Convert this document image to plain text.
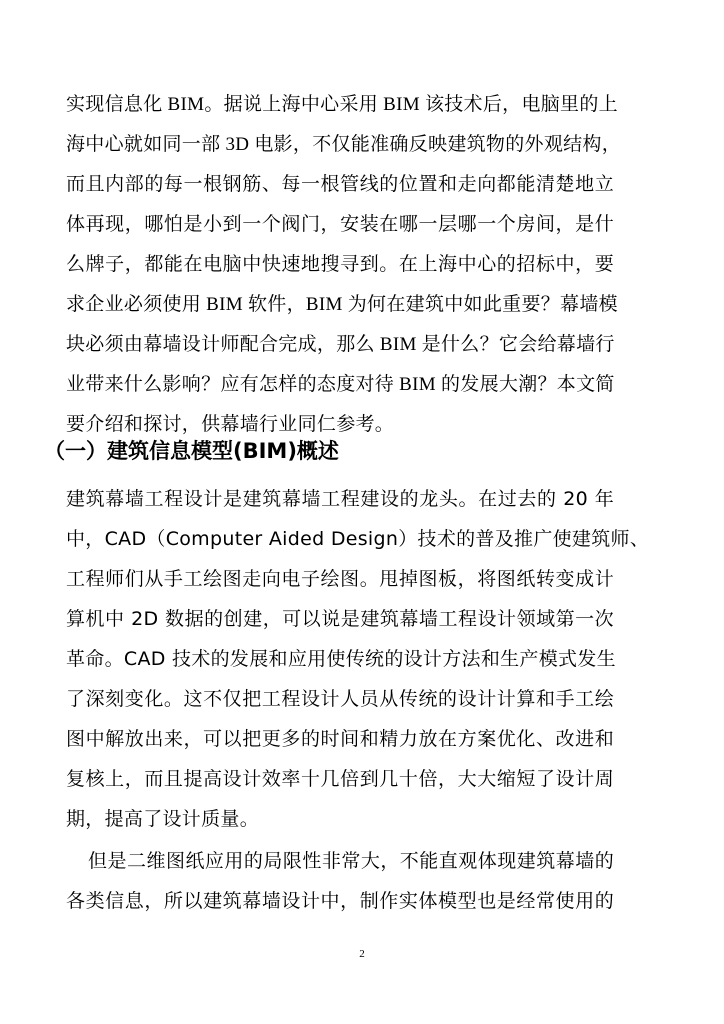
实现信息化 BIM。据说上海中心采用 BIM 该技术后，电脑里的上
海中心就如同一部 3D 电影，不仅能准确反映建筑物的外观结构，
而且内部的每一根钢筋、每一根管线的位置和走向都能清楚地立
体再现，哪怕是小到一个阀门，安装在哪一层哪一个房间，是什
么牌子，都能在电脑中快速地搜寻到。在上海中心的招标中，要
求企业必须使用 BIM 软件，BIM 为何在建筑中如此重要？幕墙模
块必须由幕墙设计师配合完成，那么 BIM 是什么？它会给幕墙行
业带来什么影响？应有怎样的态度对待 BIM 的发展大潮？本文简
要介绍和探讨，供幕墙行业同仁参考。
（一）建筑信息模型(BIM)概述
建筑幕墙工程设计是建筑幕墙工程建设的龙头。在过去的 20 年
中，CAD（Computer Aided Design）技术的普及推广使建筑师、
工程师们从手工绘图走向电子绘图。甩掉图板，将图纸转变成计
算机中 2D 数据的创建，可以说是建筑幕墙工程设计领域第一次
革命。CAD 技术的发展和应用使传统的设计方法和生产模式发生
了深刻变化。这不仅把工程设计人员从传统的设计计算和手工绘
图中解放出来，可以把更多的时间和精力放在方案优化、改进和
复核上，而且提高设计效率十几倍到几十倍，大大缩短了设计周
期，提高了设计质量。
但是二维图纸应用的局限性非常大，不能直观体现建筑幕墙的
各类信息，所以建筑幕墙设计中，制作实体模型也是经常使用的
2
